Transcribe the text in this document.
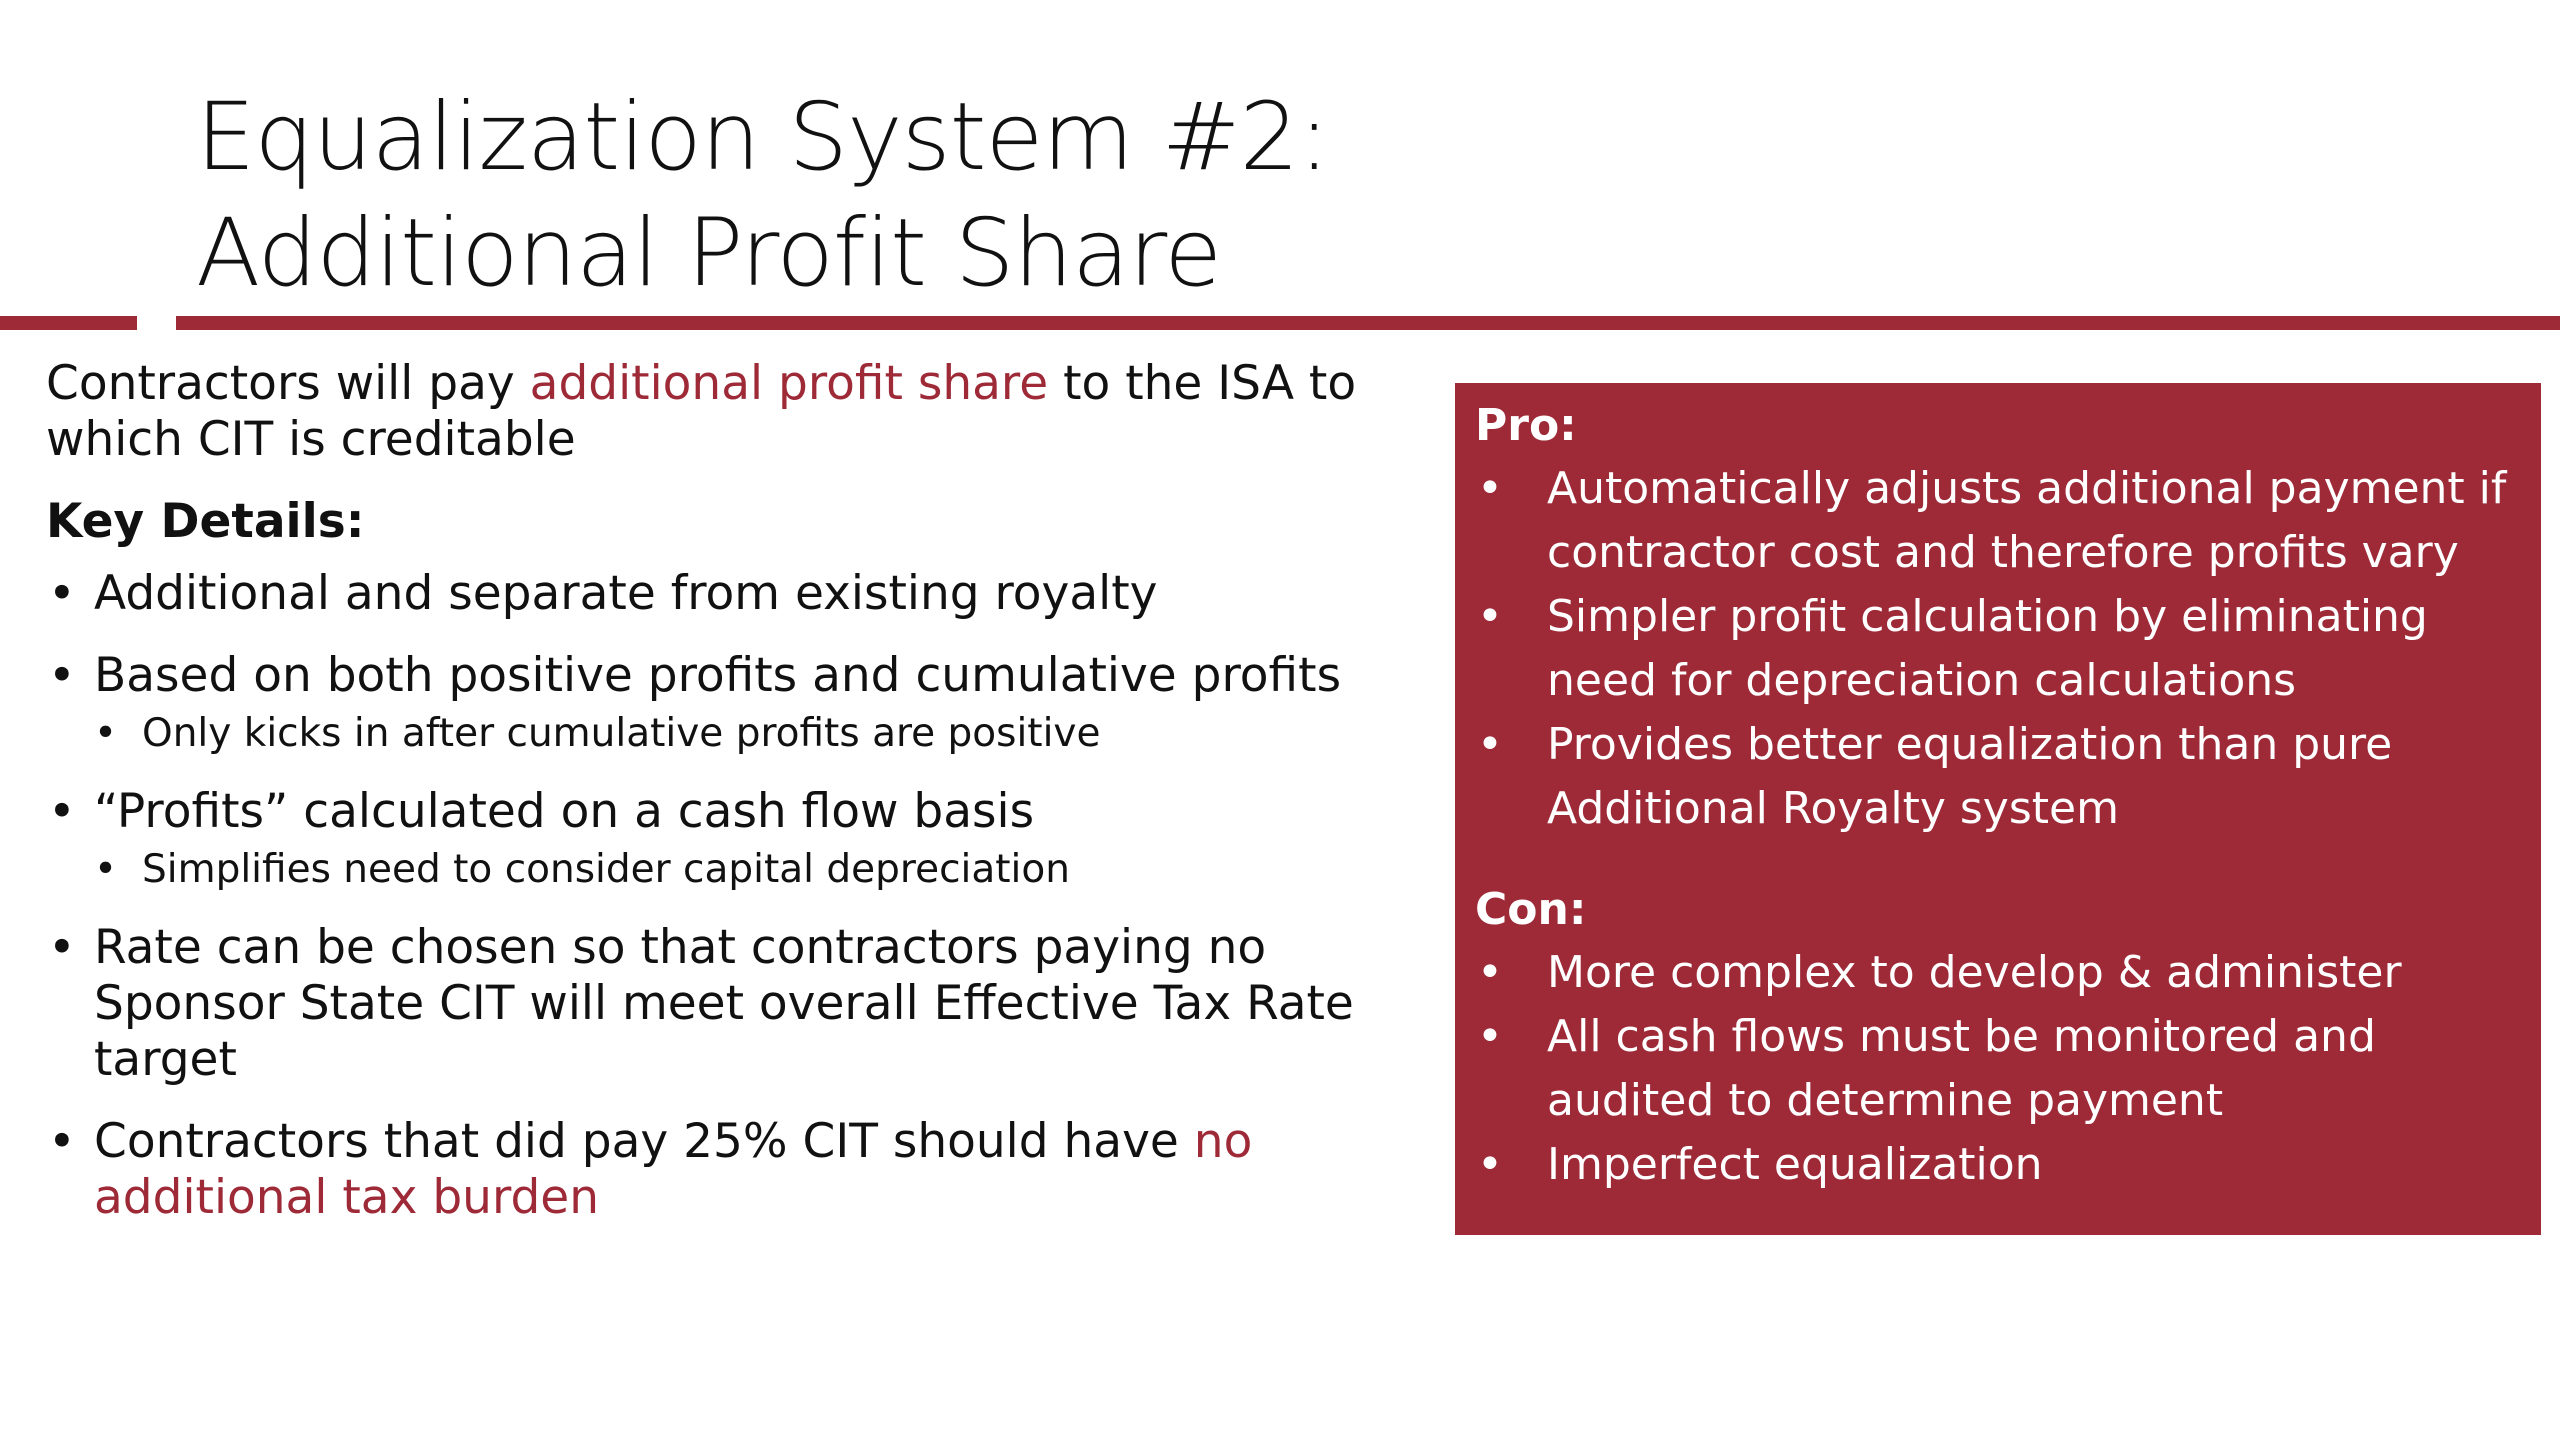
Equalization System #2:
Additional Profit Share

Contractors will pay additional profit share to the ISA to which CIT is creditable

Key Details:
• Additional and separate from existing royalty
• Based on both positive profits and cumulative profits
• Only kicks in after cumulative profits are positive
• “Profits” calculated on a cash flow basis
• Simplifies need to consider capital depreciation
• Rate can be chosen so that contractors paying no Sponsor State CIT will meet overall Effective Tax Rate target
• Contractors that did pay 25% CIT should have no additional tax burden
Pro:
• Automatically adjusts additional payment if contractor cost and therefore profits vary
• Simpler profit calculation by eliminating need for depreciation calculations
• Provides better equalization than pure Additional Royalty system
Con:
• More complex to develop & administer
• All cash flows must be monitored and audited to determine payment
• Imperfect equalization
